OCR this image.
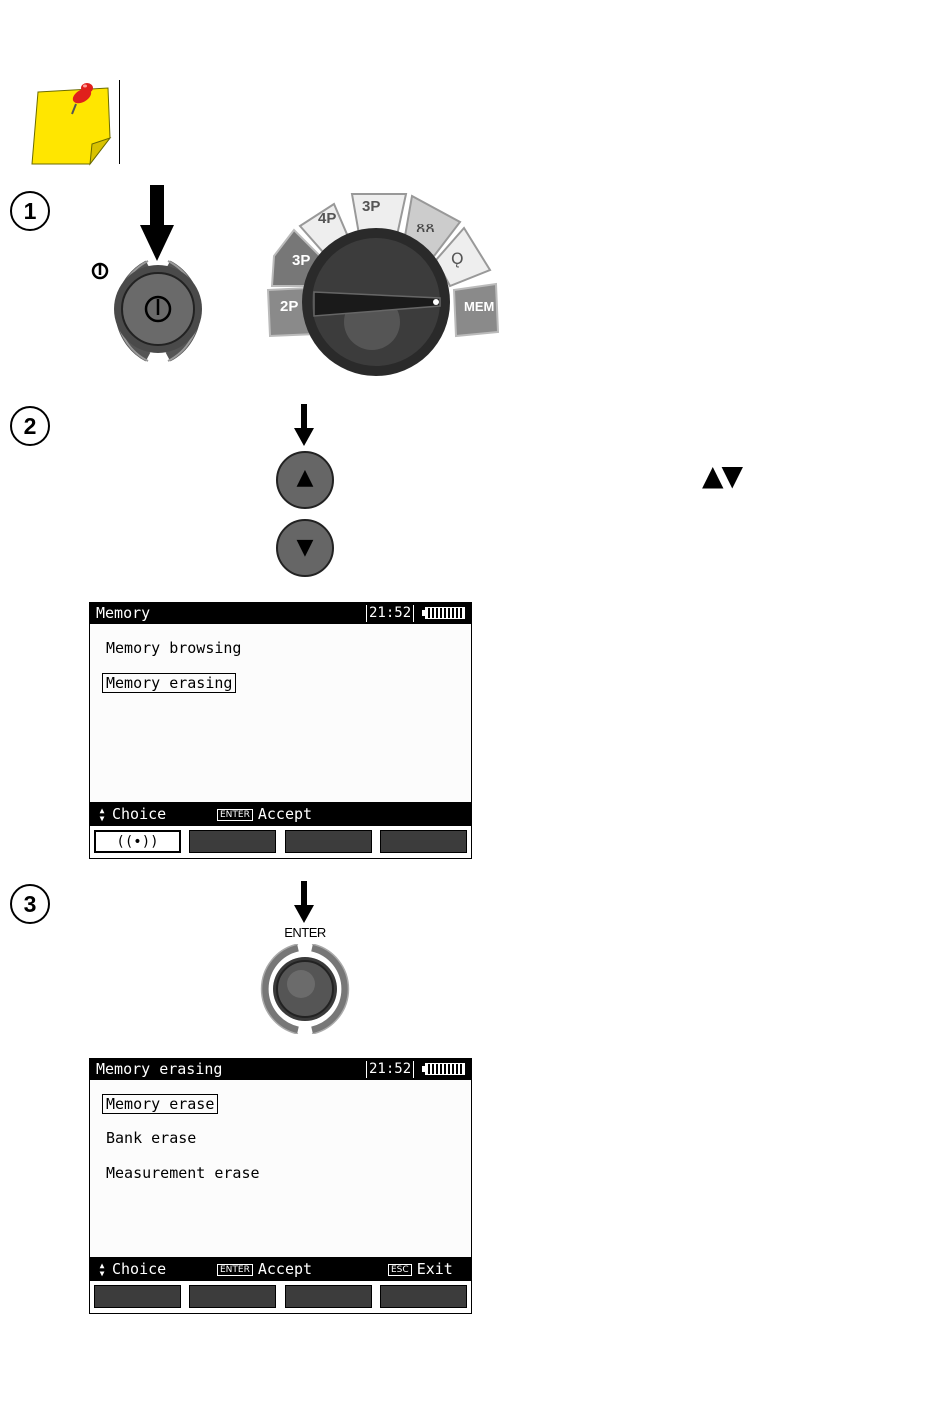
1
MEM
Ǫ
ጸጸ
2P
3P
4P
3P
2
▲
▼
▲▼
Memory	21:52
Memory browsing
Memory erasing
▲
▼ Choice	ENTER Accept
((•))
3
ENTER
Memory erasing	21:52
Memory erase
Bank erase
Measurement erase
▲
▼ Choice	ENTER Accept	ESC Exit
